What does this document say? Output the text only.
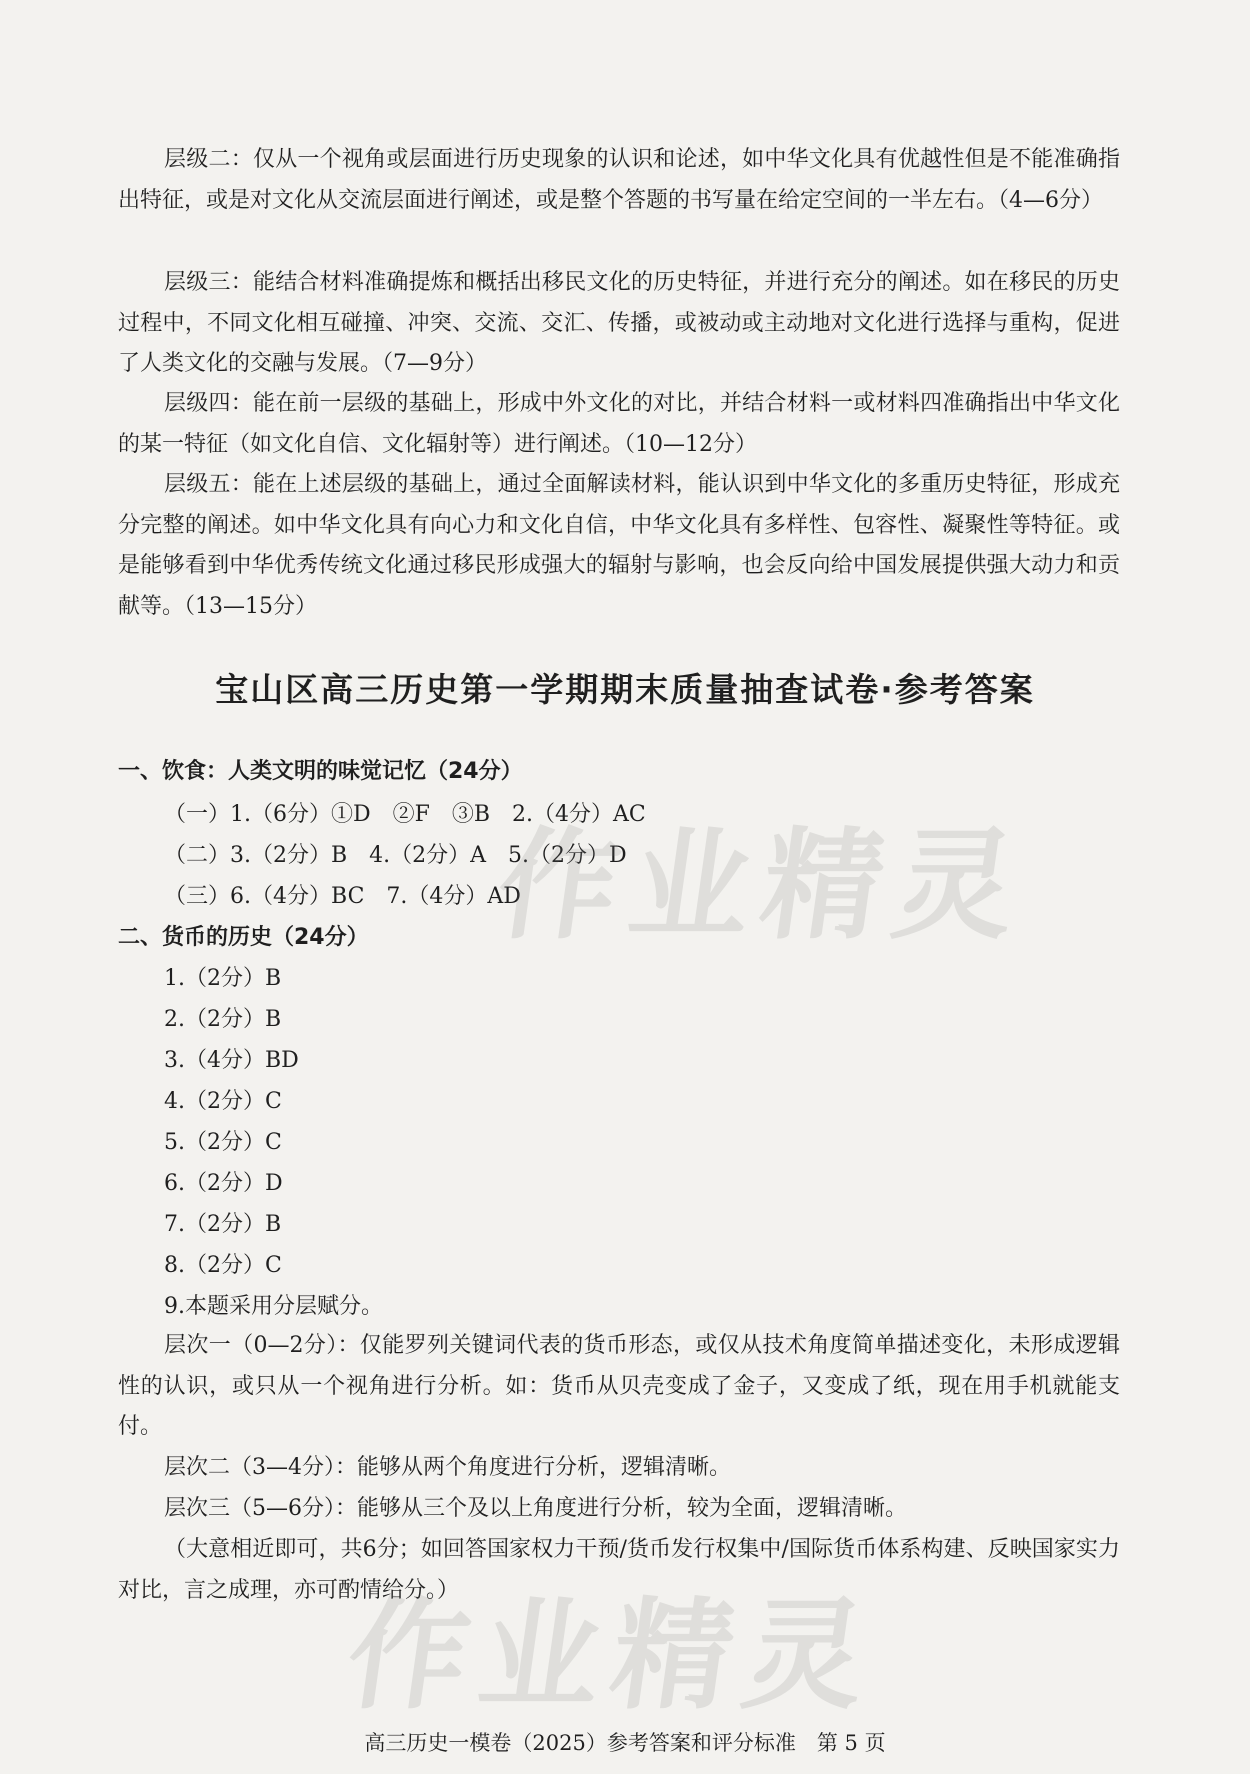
层级二：仅从一个视角或层面进行历史现象的认识和论述，如中华文化具有优越性但是不能准确指出特征，或是对文化从交流层面进行阐述，或是整个答题的书写量在给定空间的一半左右。（4—6分）

层级三：能结合材料准确提炼和概括出移民文化的历史特征，并进行充分的阐述。如在移民的历史过程中，不同文化相互碰撞、冲突、交流、交汇、传播，或被动或主动地对文化进行选择与重构，促进了人类文化的交融与发展。（7—9分）

层级四：能在前一层级的基础上，形成中外文化的对比，并结合材料一或材料四准确指出中华文化的某一特征（如文化自信、文化辐射等）进行阐述。（10—12分）

层级五：能在上述层级的基础上，通过全面解读材料，能认识到中华文化的多重历史特征，形成充分完整的阐述。如中华文化具有向心力和文化自信，中华文化具有多样性、包容性、凝聚性等特征。或是能够看到中华优秀传统文化通过移民形成强大的辐射与影响，也会反向给中国发展提供强大动力和贡献等。（13—15分）

宝山区高三历史第一学期期末质量抽查试卷·参考答案
一、饮食：人类文明的味觉记忆（24分）

（一）1.（6分）①D　②F　③B　2.（4分）AC

（二）3.（2分）B　4.（2分）A　5.（2分）D

（三）6.（4分）BC　7.（4分）AD

二、货币的历史（24分）

1.（2分）B

2.（2分）B

3.（4分）BD

4.（2分）C

5.（2分）C

6.（2分）D

7.（2分）B

8.（2分）C

9.本题采用分层赋分。

层次一（0—2分）：仅能罗列关键词代表的货币形态，或仅从技术角度简单描述变化，未形成逻辑性的认识，或只从一个视角进行分析。如：货币从贝壳变成了金子，又变成了纸，现在用手机就能支付。

层次二（3—4分）：能够从两个角度进行分析，逻辑清晰。

层次三（5—6分）：能够从三个及以上角度进行分析，较为全面，逻辑清晰。

（大意相近即可，共6分；如回答国家权力干预/货币发行权集中/国际货币体系构建、反映国家实力对比，言之成理，亦可酌情给分。）

作业精灵
作业精灵

高三历史一模卷（2025）参考答案和评分标准　第 5 页
